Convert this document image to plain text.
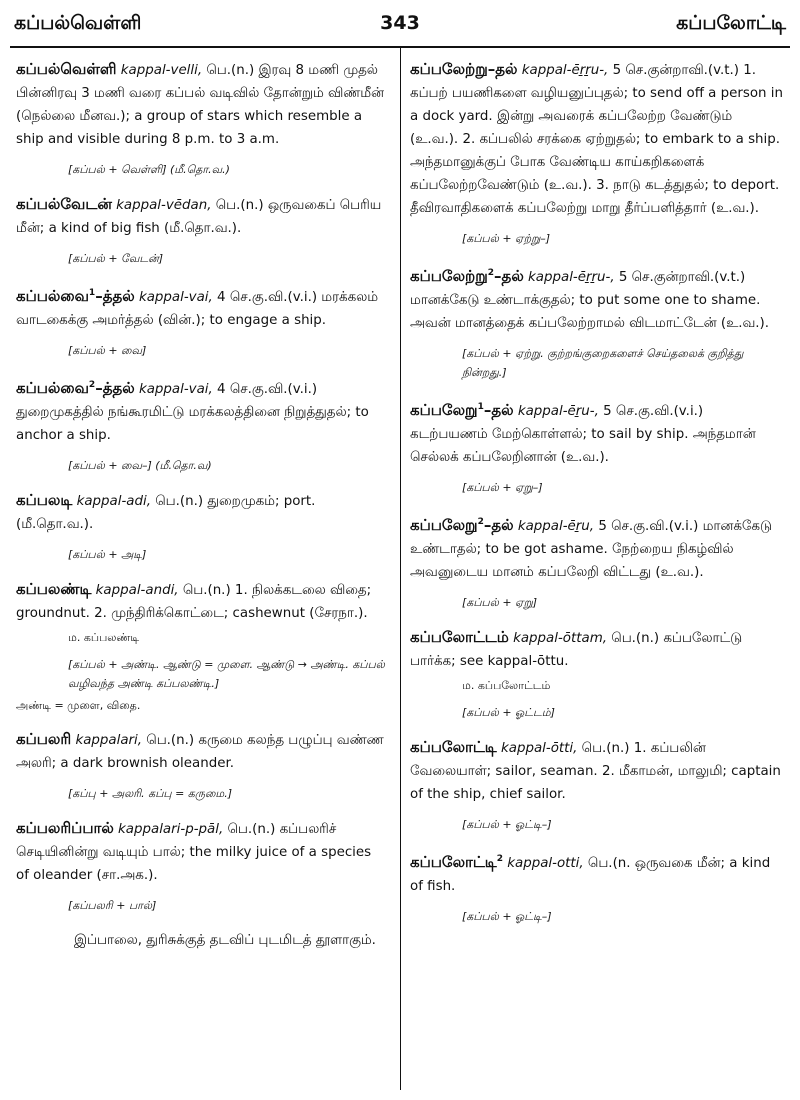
கப்பல்வெள்ளி	343	கப்பலோட்டி
கப்பல்வெள்ளி kappal-velli, பெ.(n.) இரவு 8 மணி முதல் பின்னிரவு 3 மணி வரை கப்பல் வடிவில் தோன்றும் விண்மீன் (நெல்லை மீனவ.); a group of stars which resemble a ship and visible during 8 p.m. to 3 a.m.
[கப்பல் + வெள்ளி] (மீ.தொ.வ.)
கப்பல்வேடன் kappal-vēdan, பெ.(n.) ஒருவகைப் பெரிய மீன்; a kind of big fish (மீ.தொ.வ.).
[கப்பல் + வேடன்]
கப்பல்வை$^1$–த்தல் kappal-vai, 4 செ.கு.வி.(v.i.) மரக்கலம் வாடகைக்கு அமர்த்தல் (வின்.); to engage a ship.
[கப்பல் + வை]
கப்பல்வை$^2$–த்தல் kappal-vai, 4 செ.கு.வி.(v.i.) துறைமுகத்தில் நங்கூரமிட்டு மரக்கலத்தினை நிறுத்துதல்; to anchor a ship.
[கப்பல் + வை–] (மீ.தொ.வ)
கப்பலடி kappal-adi, பெ.(n.) துறைமுகம்; port. (மீ.தொ.வ.).
[கப்பல் + அடி]
கப்பலண்டி kappal-andi, பெ.(n.) 1. நிலக்கடலை விதை; groundnut. 2. முந்திரிக்கொட்டை; cashewnut (சேரநா.).
ம. கப்பலண்டி
[கப்பல் + அண்டி. ஆண்டு = முளை. ஆண்டு → அண்டி. கப்பல் வழிவந்த அண்டி கப்பலண்டி.]
அண்டி = முளை, விதை.
கப்பலரி kappalari, பெ.(n.) கருமை கலந்த பழுப்பு வண்ண அலரி; a dark brownish oleander.
[கப்பு + அலரி. கப்பு = கருமை.]
கப்பலரிப்பால் kappalari-p-pāl, பெ.(n.) கப்பலரிச் செடியினின்று வடியும் பால்; the milky juice of a species of oleander (சா.அக.).
[கப்பலரி + பால்]
இப்பாலை, துரிசுக்குத் தடவிப் புடமிடத் தூளாகும்.
கப்பலேற்று–தல் kappal-ēṟṟu-, 5 செ.குன்றாவி.(v.t.) 1. கப்பற் பயணிகளை வழியனுப்புதல்; to send off a person in a dock yard. இன்று அவரைக் கப்பலேற்ற வேண்டும் (உ.வ.). 2. கப்பலில் சரக்கை ஏற்றுதல்; to embark to a ship. அந்தமானுக்குப் போக வேண்டிய காய்கறிகளைக் கப்பலேற்றவேண்டும் (உ.வ.). 3. நாடு கடத்துதல்; to deport. தீவிரவாதிகளைக் கப்பலேற்று மாறு தீர்ப்பளித்தார் (உ.வ.).
[கப்பல் + ஏற்று–]
கப்பலேற்று$^2$–தல் kappal-ēṟṟu-, 5 செ.குன்றாவி.(v.t.) மானக்கேடு உண்டாக்குதல்; to put some one to shame. அவன் மானத்தைக் கப்பலேற்றாமல் விடமாட்டேன் (உ.வ.).
[கப்பல் + ஏற்று. குற்றங்குறைகளைச் செய்தலைக் குறித்து நின்றது.]
கப்பலேறு$^1$–தல் kappal-ēṟu-, 5 செ.கு.வி.(v.i.) கடற்பயணம் மேற்கொள்ளல்; to sail by ship. அந்தமான் செல்லக் கப்பலேறினான் (உ.வ.).
[கப்பல் + ஏறு–]
கப்பலேறு$^2$–தல் kappal-ēṟu, 5 செ.கு.வி.(v.i.) மானக்கேடு உண்டாதல்; to be got ashame. நேற்றைய நிகழ்வில் அவனுடைய மானம் கப்பலேறி விட்டது (உ.வ.).
[கப்பல் + ஏறு]
கப்பலோட்டம் kappal-ōttam, பெ.(n.) கப்பலோட்டு பார்க்க; see kappal-ōttu.
ம. கப்பலோட்டம்
[கப்பல் + ஓட்டம்]
கப்பலோட்டி kappal-ōtti, பெ.(n.) 1. கப்பலின் வேலையாள்; sailor, seaman. 2. மீகாமன், மாலுமி; captain of the ship, chief sailor.
[கப்பல் + ஓட்டி–]
கப்பலோட்டி$^2$ kappal-otti, பெ.(n. ஒருவகை மீன்; a kind of fish.
[கப்பல் + ஓட்டி–]
